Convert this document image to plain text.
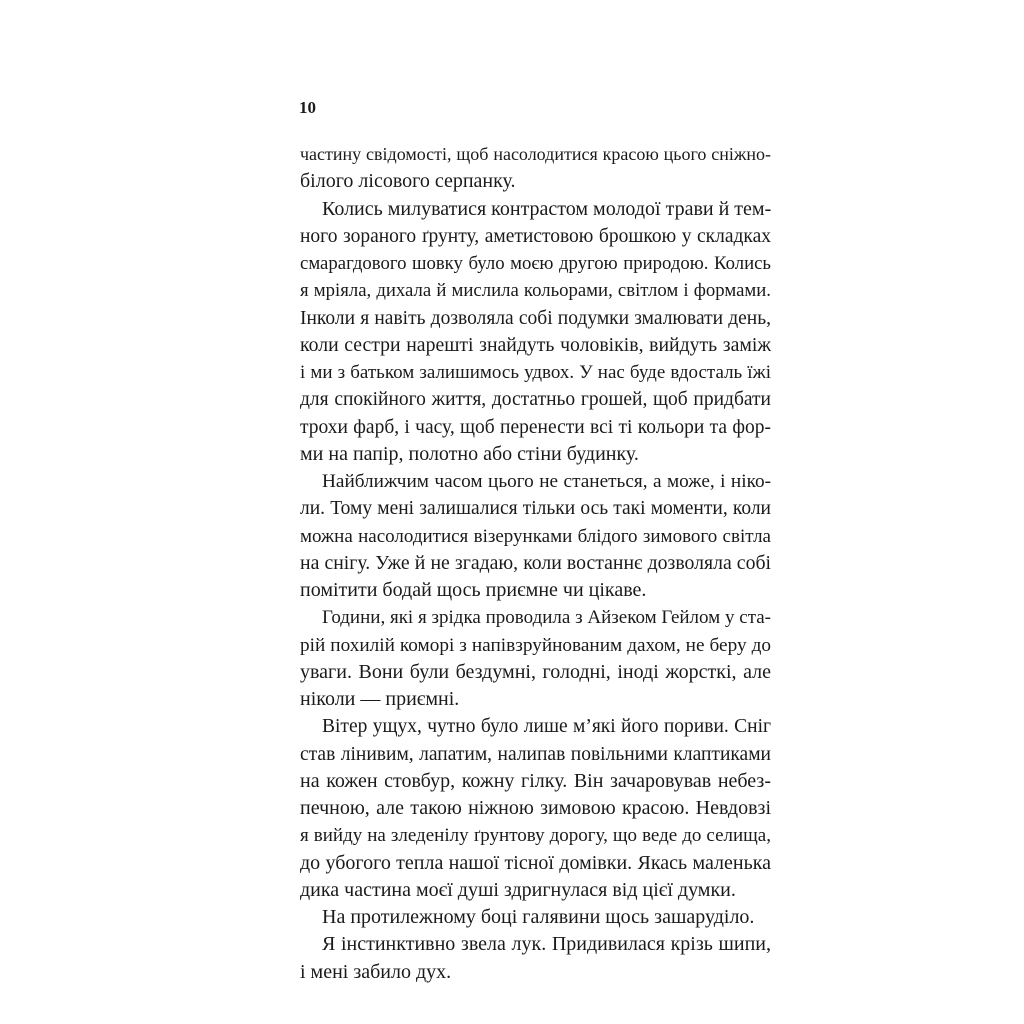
10
частину свідомості, щоб насолодитися красою цього сніжно-
білого лісового серпанку.
Колись милуватися контрастом молодої трави й тем-
ного зораного ґрунту, аметистовою брошкою у складках
смарагдового шовку було моєю другою природою. Колись
я мріяла, дихала й мислила кольорами, світлом і формами.
Інколи я навіть дозволяла собі подумки змалювати день,
коли сестри нарешті знайдуть чоловіків, вийдуть заміж
і ми з батьком залишимось удвох. У нас буде вдосталь їжі
для спокійного життя, достатньо грошей, щоб придбати
трохи фарб, і часу, щоб перенести всі ті кольори та фор-
ми на папір, полотно або стіни будинку.
Найближчим часом цього не станеться, а може, і ніко-
ли. Тому мені залишалися тільки ось такі моменти, коли
можна насолодитися візерунками блідого зимового світла
на снігу. Уже й не згадаю, коли востаннє дозволяла собі
помітити бодай щось приємне чи цікаве.
Години, які я зрідка проводила з Айзеком Гейлом у ста-
рій похилій коморі з напівзруйнованим дахом, не беру до
уваги. Вони були бездумні, голодні, іноді жорсткі, але
ніколи — приємні.
Вітер ущух, чутно було лише м’які його пориви. Сніг
став лінивим, лапатим, налипав повільними клаптиками
на кожен стовбур, кожну гілку. Він зачаровував небез-
печною, але такою ніжною зимовою красою. Невдовзі
я вийду на зледенілу ґрунтову дорогу, що веде до селища,
до убогого тепла нашої тісної домівки. Якась маленька
дика частина моєї душі здригнулася від цієї думки.
На протилежному боці галявини щось зашаруділо.
Я інстинктивно звела лук. Придивилася крізь шипи,
і мені забило дух.
